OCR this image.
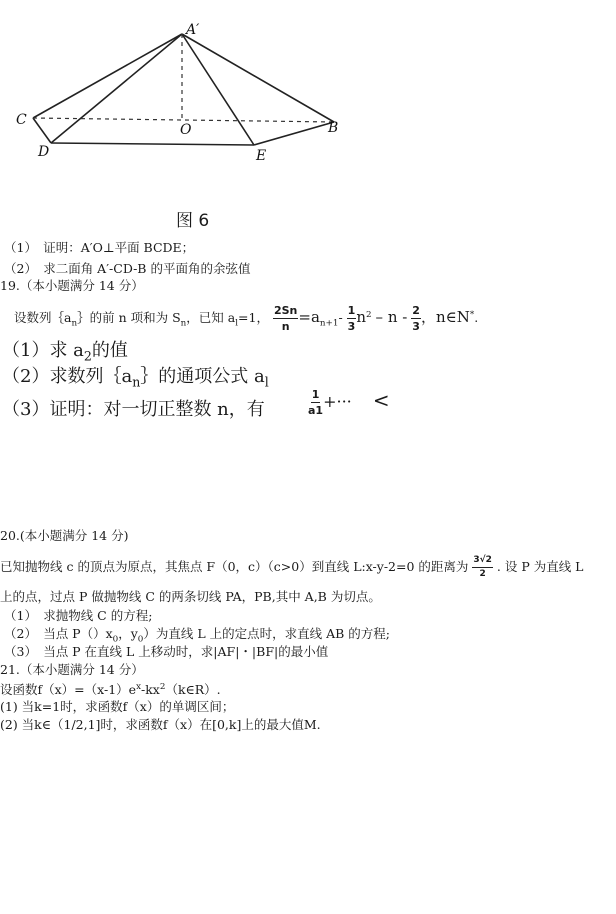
A′
C
O	B
D	E
图 6
（1）　证明：A′O⊥平面 BCDE；
（2）　求二面角 A′-CD-B 的平面角的余弦值
19.（本小题满分 14 分）
设数列$\{a_n\}$的前 n 项和为 $S_n$，已知 $a_l=1$， $\frac{2Sn}{n} =a_{n+1}- \frac{1}{3} n^2 - n - \frac{2}{3}$ ，n∈N*.
（1）求 $a_2$的值
（2）求数列$\{a_n\}$的通项公式 $a_l$
（3）证明：对一切正整数 n，有	$\frac{1}{a1}$ +··· <
20.(本小题满分 14 分)
已知抛物线 c 的顶点为原点，其焦点 F（0，c）（c>0）到直线 L:x-y-2=0 的距离为 $\frac{3√2}{2}$ . 设 P 为直线 L
上的点，过点 P 做抛物线 C 的两条切线 PA，PB,其中 A,B 为切点。
（1）　求抛物线 C 的方程;
（2）　当点 $P()x_0$，$y_0$）为直线 L 上的定点时，求直线 AB 的方程;
（3）　当点 P 在直线 L 上移动时，求|AF|・|BF|的最小值
21.（本小题满分 14 分）
设函数$f(x)=(x-1)e^x-kx^2(k\in R)$.
(1) 当k=1时，求函数f（x）的单调区间；
(2) 当k∈（1/2,1]时，求函数f（x）在[0,k]上的最大值M.
